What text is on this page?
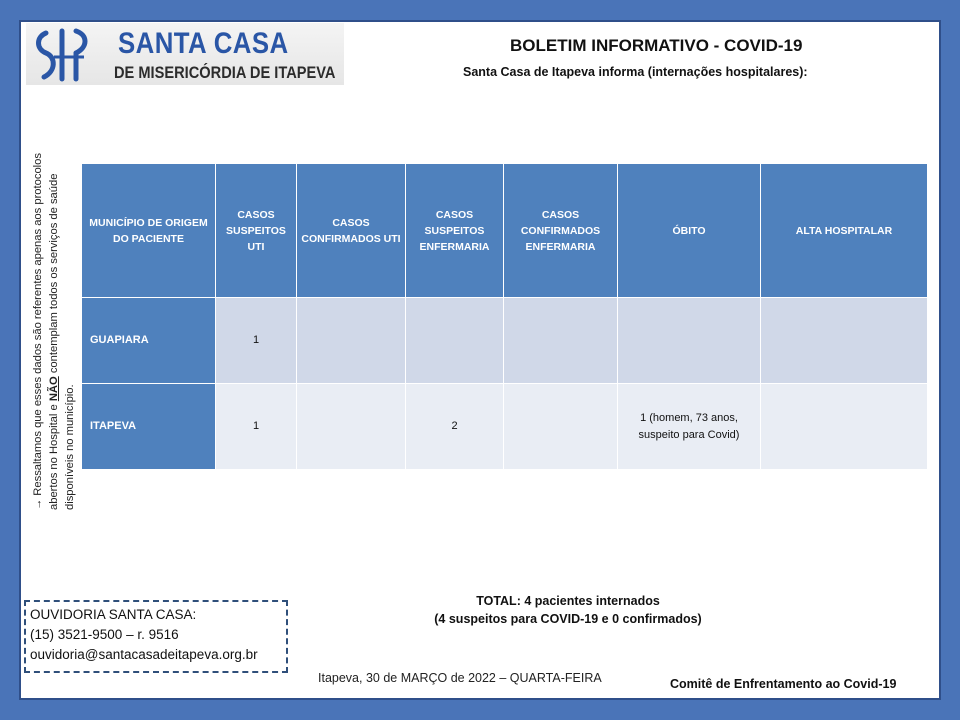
SANTA CASA
DE MISERICÓRDIA DE ITAPEVA
BOLETIM INFORMATIVO - COVID-19
Santa Casa de Itapeva informa (internações hospitalares):
→ Ressaltamos que esses dados são referentes apenas aos protocolos abertos no Hospital e NÃO contemplam todos os serviços de saúde disponíveis no município.
MUNICÍPIO DE ORIGEM DO PACIENTE	CASOS SUSPEITOS UTI	CASOS CONFIRMADOS UTI	CASOS SUSPEITOS ENFERMARIA	CASOS CONFIRMADOS ENFERMARIA	ÓBITO	ALTA HOSPITALAR
GUAPIARA	1					
ITAPEVA	1		2		1 (homem, 73 anos, suspeito para Covid)	
TOTAL: 4 pacientes internados
(4 suspeitos para COVID-19 e 0 confirmados)
OUVIDORIA SANTA CASA:
(15) 3521-9500 – r. 9516
ouvidoria@santacasadeitapeva.org.br
Itapeva, 30 de MARÇO de 2022 – QUARTA-FEIRA	Comitê de Enfrentamento ao Covid-19
